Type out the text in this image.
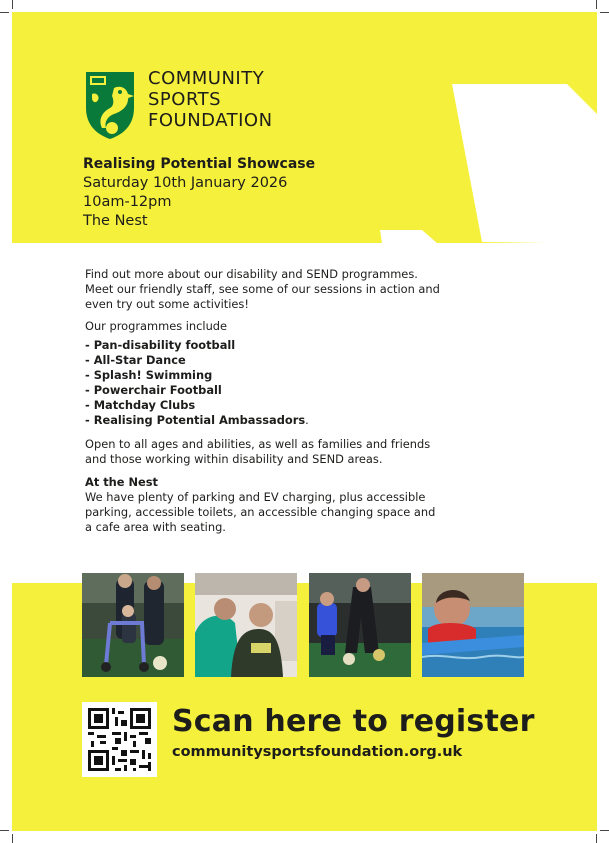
COMMUNITY
SPORTS
FOUNDATION
Realising Potential Showcase
Saturday 10th January 2026
10am-12pm
The Nest

Find out more about our disability and SEND programmes. Meet our friendly staff, see some of our sessions in action and even try out some activities!

Our programmes include

- Pan-disability football
- All-Star Dance
- Splash! Swimming
- Powerchair Football
- Matchday Clubs
- Realising Potential Ambassadors.

Open to all ages and abilities, as well as families and friends and those working within disability and SEND areas.

At the Nest

We have plenty of parking and EV charging, plus accessible parking, accessible toilets, an accessible changing space and a cafe area with seating.

Scan here to register
communitysportsfoundation.org.uk
